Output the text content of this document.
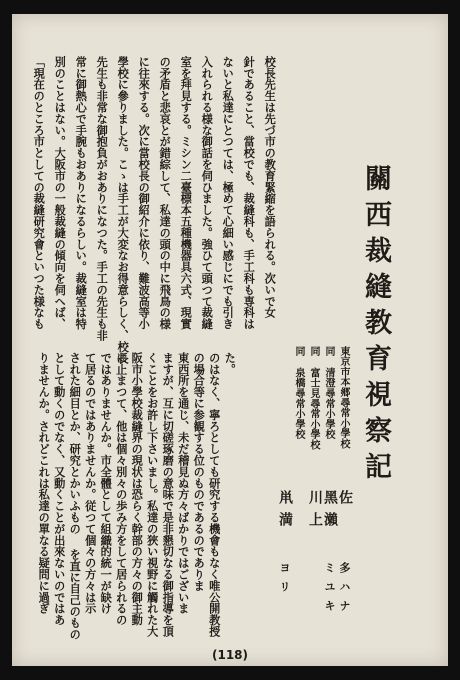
校長先生は先づ市の教育緊縮を語られる。次いで女
針であること、當校でも、裁縫科も、手工科も専科は
ないと私達にとつては、極めて心細い感じにでも引き
入れられる様な御話を伺ひました。強ひて頭つて裁縫
室を拜見する。ミシン二臺標本五種機器具六式、現實
の矛盾と悲哀とが錯綜して、私達の頭の中に飛鳥の様
に往來する。次に當校長の御紹介に依り、難波高等小
學校に參りました。こゝは手工が大変なお得意らしく、校長
先生も非常な御抱負がおありになつた。手工の先生も非
常に御熱心で手腕もおありになるらしい。裁縫室は特
別のことはない。大阪市の一般裁縫の傾向を伺へば、
「現在のところ市としての裁縫研究會といつた様なも	關西裁縫教育視察記
東京市本郷尋常小學校
佐
多ハナ
同 清澄尋常小學校
黑瀨
ミユキ
同 富士見尋常小學校
川上
同 泉橋尋常小學校
鼡満
ヨリ
た。
のはなく、寧ろとしても研究する機會もなく唯公開教授
の場合等に参観する位のものであるのでありま
東西所を通じ、未だ稽見ぬ方々ばかりではございま
ますが、互に切磋琢磨の意味で是非懇切なる御指導を頂
くことをお許し下さいまし。私達の狹い視野に觸れた大
阪市小學校裁縫界の現状は恐らく幹部の方々の御主動
に止まつて、他は個々別々の歩み方をして居られるの
ではありませんか。市全體として組織的統一が缺け
て居るのではありませんか。従つて個々の方々は示
された細目とか、研究とかいふもの を直に自己のもの
として動くのでなく、又動くことが出來ないのではあ
りませんか。されどこれは私達の單なる疑問に過ぎ
(118)
